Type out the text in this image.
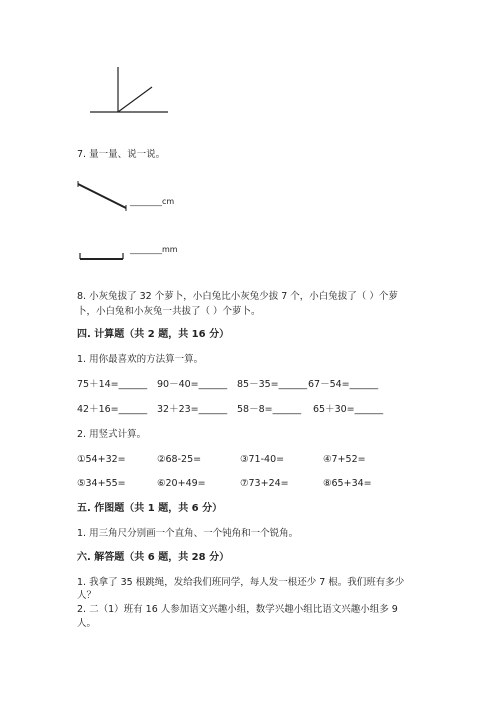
7. 量一量、说一说。
________cm
________mm
8. 小灰兔拔了 32 个萝卜，小白兔比小灰兔少拔 7 个，小白兔拔了（ ）个萝
卜，小白兔和小灰兔一共拔了（ ）个萝卜。
四. 计算题（共 2 题，共 16 分）
1. 用你最喜欢的方法算一算。
75＋14=______ 90－40=______ 85－35=______ 67－54=______
42＋16=______ 32＋23=______ 58－8=______ 65＋30=______
2. 用竖式计算。
①54+32=	②68-25=	③71-40=	④7+52=
⑤34+55=	⑥20+49=	⑦73+24=	⑧65+34=
五. 作图题（共 1 题，共 6 分）
1. 用三角尺分别画一个直角、一个钝角和一个锐角。
六. 解答题（共 6 题，共 28 分）
1. 我拿了 35 根跳绳，发给我们班同学，每人发一根还少 7 根。我们班有多少
人？
2. 二（1）班有 16 人参加语文兴趣小组，数学兴趣小组比语文兴趣小组多 9
人。
